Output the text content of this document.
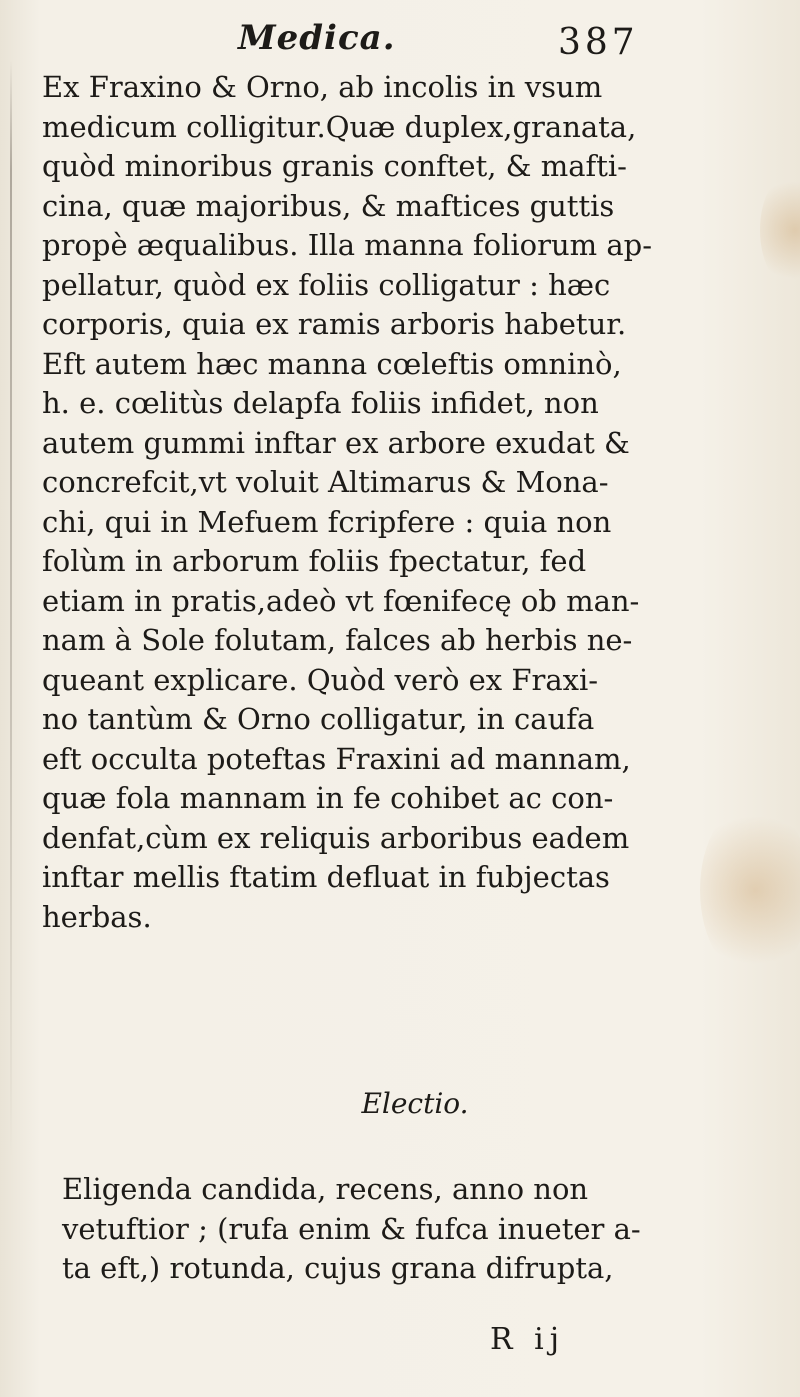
Medica.	387
Ex Fraxino & Orno, ab incolis in vsum
medicum colligitur.Quæ duplex,granata,
quòd minoribus granis conftet, & mafti-
cina, quæ majoribus, & maftices guttis
propè æqualibus. Illa manna foliorum ap-
pellatur, quòd ex foliis colligatur : hæc
corporis, quia ex ramis arboris habetur.
Eft autem hæc manna cœleftis omninò,
h. e. cœlitùs delapfa foliis infidet, non
autem gummi inftar ex arbore exudat &
concrefcit,vt voluit Altimarus & Mona-
chi, qui in Mefuem fcripfere : quia non
folùm in arborum foliis fpectatur, fed
etiam in pratis,adeò vt fœnifecę ob man-
nam à Sole folutam, falces ab herbis ne-
queant explicare. Quòd verò ex Fraxi-
no tantùm & Orno colligatur, in caufa
eft occulta poteftas Fraxini ad mannam,
quæ fola mannam in fe cohibet ac con-
denfat,cùm ex reliquis arboribus eadem
inftar mellis ftatim defluat in fubjectas
herbas.
Electio.
Eligenda candida, recens, anno non
vetuftior ; (rufa enim & fufca inueter a-
ta eft,) rotunda, cujus grana difrupta,
R ij
